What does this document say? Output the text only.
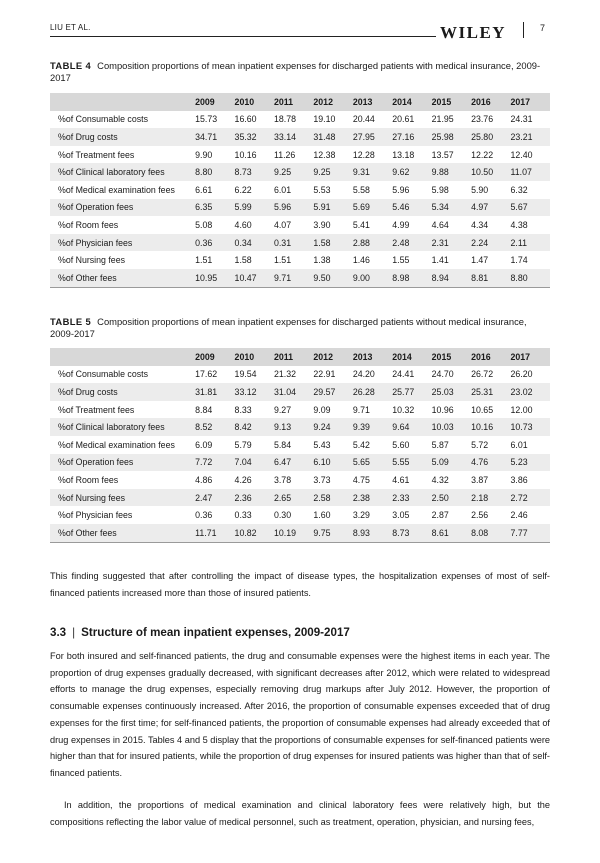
LIU ET AL.	WILEY	7
TABLE 4 Composition proportions of mean inpatient expenses for discharged patients with medical insurance, 2009-2017
	2009	2010	2011	2012	2013	2014	2015	2016	2017
%of Consumable costs	15.73	16.60	18.78	19.10	20.44	20.61	21.95	23.76	24.31
%of Drug costs	34.71	35.32	33.14	31.48	27.95	27.16	25.98	25.80	23.21
%of Treatment fees	9.90	10.16	11.26	12.38	12.28	13.18	13.57	12.22	12.40
%of Clinical laboratory fees	8.80	8.73	9.25	9.25	9.31	9.62	9.88	10.50	11.07
%of Medical examination fees	6.61	6.22	6.01	5.53	5.58	5.96	5.98	5.90	6.32
%of Operation fees	6.35	5.99	5.96	5.91	5.69	5.46	5.34	4.97	5.67
%of Room fees	5.08	4.60	4.07	3.90	5.41	4.99	4.64	4.34	4.38
%of Physician fees	0.36	0.34	0.31	1.58	2.88	2.48	2.31	2.24	2.11
%of Nursing fees	1.51	1.58	1.51	1.38	1.46	1.55	1.41	1.47	1.74
%of Other fees	10.95	10.47	9.71	9.50	9.00	8.98	8.94	8.81	8.80
TABLE 5 Composition proportions of mean inpatient expenses for discharged patients without medical insurance, 2009-2017
	2009	2010	2011	2012	2013	2014	2015	2016	2017
%of Consumable costs	17.62	19.54	21.32	22.91	24.20	24.41	24.70	26.72	26.20
%of Drug costs	31.81	33.12	31.04	29.57	26.28	25.77	25.03	25.31	23.02
%of Treatment fees	8.84	8.33	9.27	9.09	9.71	10.32	10.96	10.65	12.00
%of Clinical laboratory fees	8.52	8.42	9.13	9.24	9.39	9.64	10.03	10.16	10.73
%of Medical examination fees	6.09	5.79	5.84	5.43	5.42	5.60	5.87	5.72	6.01
%of Operation fees	7.72	7.04	6.47	6.10	5.65	5.55	5.09	4.76	5.23
%of Room fees	4.86	4.26	3.78	3.73	4.75	4.61	4.32	3.87	3.86
%of Nursing fees	2.47	2.36	2.65	2.58	2.38	2.33	2.50	2.18	2.72
%of Physician fees	0.36	0.33	0.30	1.60	3.29	3.05	2.87	2.56	2.46
%of Other fees	11.71	10.82	10.19	9.75	8.93	8.73	8.61	8.08	7.77
This finding suggested that after controlling the impact of disease types, the hospitalization expenses of most of self-financed patients increased more than those of insured patients.
3.3 | Structure of mean inpatient expenses, 2009-2017
For both insured and self-financed patients, the drug and consumable expenses were the highest items in each year. The proportion of drug expenses gradually decreased, with significant decreases after 2012, which were related to widespread efforts to manage the drug expenses, especially removing drug markups after July 2012. However, the proportion of consumable expenses continuously increased. After 2016, the proportion of consumable expenses exceeded that of drug expenses for the first time; for self-financed patients, the proportion of consumable expenses had already exceeded that of drug expenses in 2015. Tables 4 and 5 display that the proportions of consumable expenses for self-financed patients were higher than that for insured patients, while the proportion of drug expenses for insured patients was higher than that of self-financed patients.
In addition, the proportions of medical examination and clinical laboratory fees were relatively high, but the compositions reflecting the labor value of medical personnel, such as treatment, operation, physician, and nursing fees,
